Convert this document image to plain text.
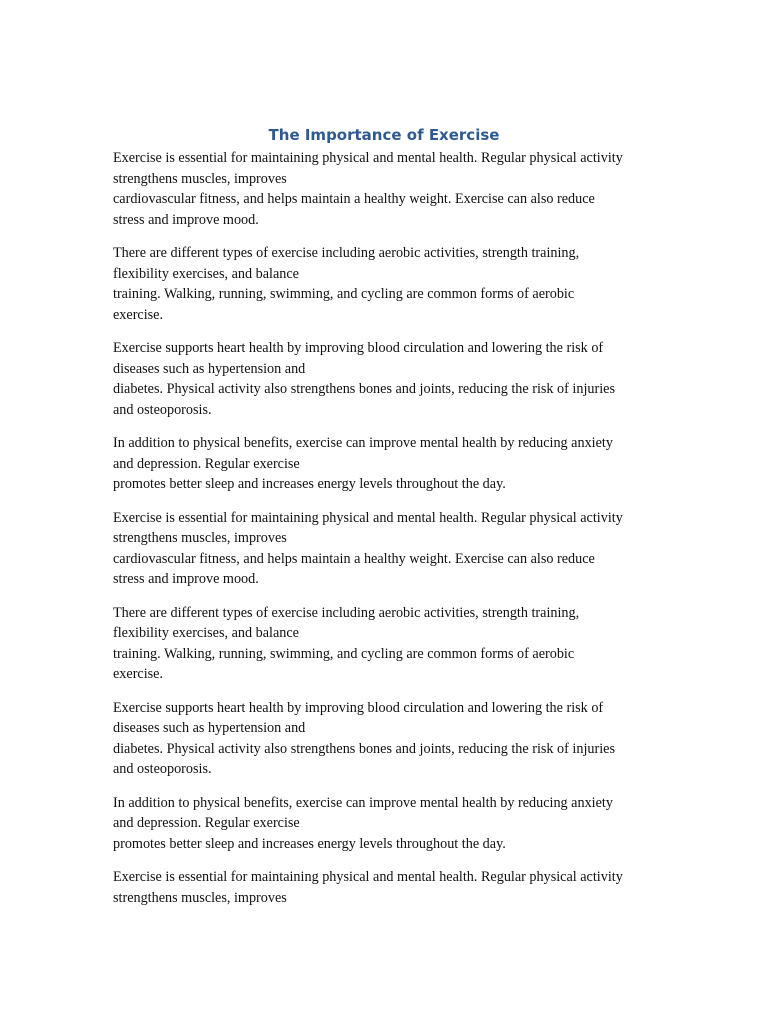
The Importance of Exercise

Exercise is essential for maintaining physical and mental health. Regular physical activity
strengthens muscles, improves
cardiovascular fitness, and helps maintain a healthy weight. Exercise can also reduce
stress and improve mood.

There are different types of exercise including aerobic activities, strength training,
flexibility exercises, and balance
training. Walking, running, swimming, and cycling are common forms of aerobic
exercise.

Exercise supports heart health by improving blood circulation and lowering the risk of
diseases such as hypertension and
diabetes. Physical activity also strengthens bones and joints, reducing the risk of injuries
and osteoporosis.

In addition to physical benefits, exercise can improve mental health by reducing anxiety
and depression. Regular exercise
promotes better sleep and increases energy levels throughout the day.

Exercise is essential for maintaining physical and mental health. Regular physical activity
strengthens muscles, improves
cardiovascular fitness, and helps maintain a healthy weight. Exercise can also reduce
stress and improve mood.

There are different types of exercise including aerobic activities, strength training,
flexibility exercises, and balance
training. Walking, running, swimming, and cycling are common forms of aerobic
exercise.

Exercise supports heart health by improving blood circulation and lowering the risk of
diseases such as hypertension and
diabetes. Physical activity also strengthens bones and joints, reducing the risk of injuries
and osteoporosis.

In addition to physical benefits, exercise can improve mental health by reducing anxiety
and depression. Regular exercise
promotes better sleep and increases energy levels throughout the day.

Exercise is essential for maintaining physical and mental health. Regular physical activity
strengthens muscles, improves
